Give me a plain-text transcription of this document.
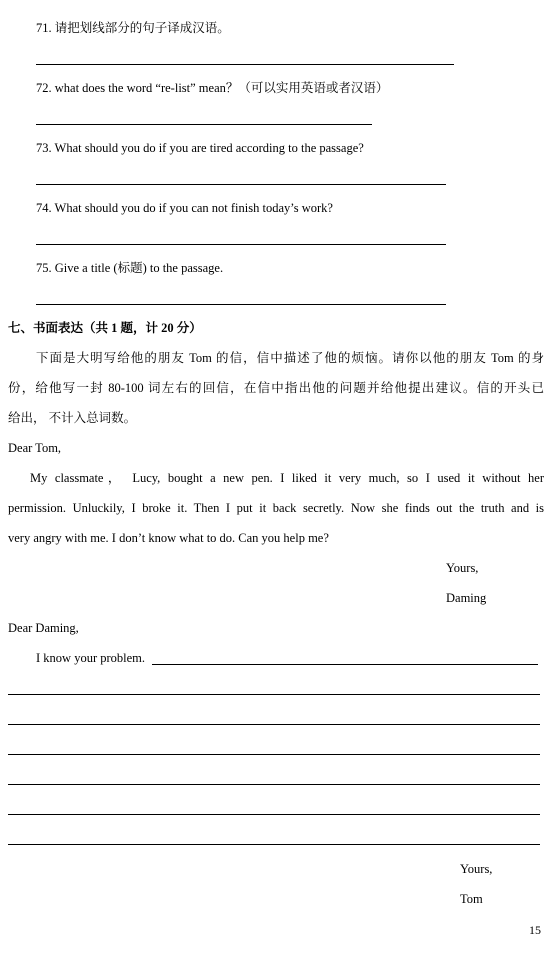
71. 请把划线部分的句子译成汉语。
72. what does the word “re-list” mean？（可以实用英语或者汉语）
73. What should you do if you are tired according to the passage?
74. What should you do if you can not finish today’s work?
75. Give a title (标题) to the passage.
七、书面表达（共 1 题，计 20 分）
下面是大明写给他的朋友 Tom 的信，信中描述了他的烦恼。请你以他的朋友 Tom 的身
份，给他写一封 80-100 词左右的回信，在信中指出他的问题并给他提出建议。信的开头已
给出， 不计入总词数。
Dear Tom,
My classmate， Lucy, bought a new pen. I liked it very much, so I used it without her
permission. Unluckily, I broke it. Then I put it back secretly. Now she finds out the truth and is
very angry with me. I don’t know what to do. Can you help me?
Yours,
Daming
Dear Daming,
I know your problem.
Yours,
Tom
15
